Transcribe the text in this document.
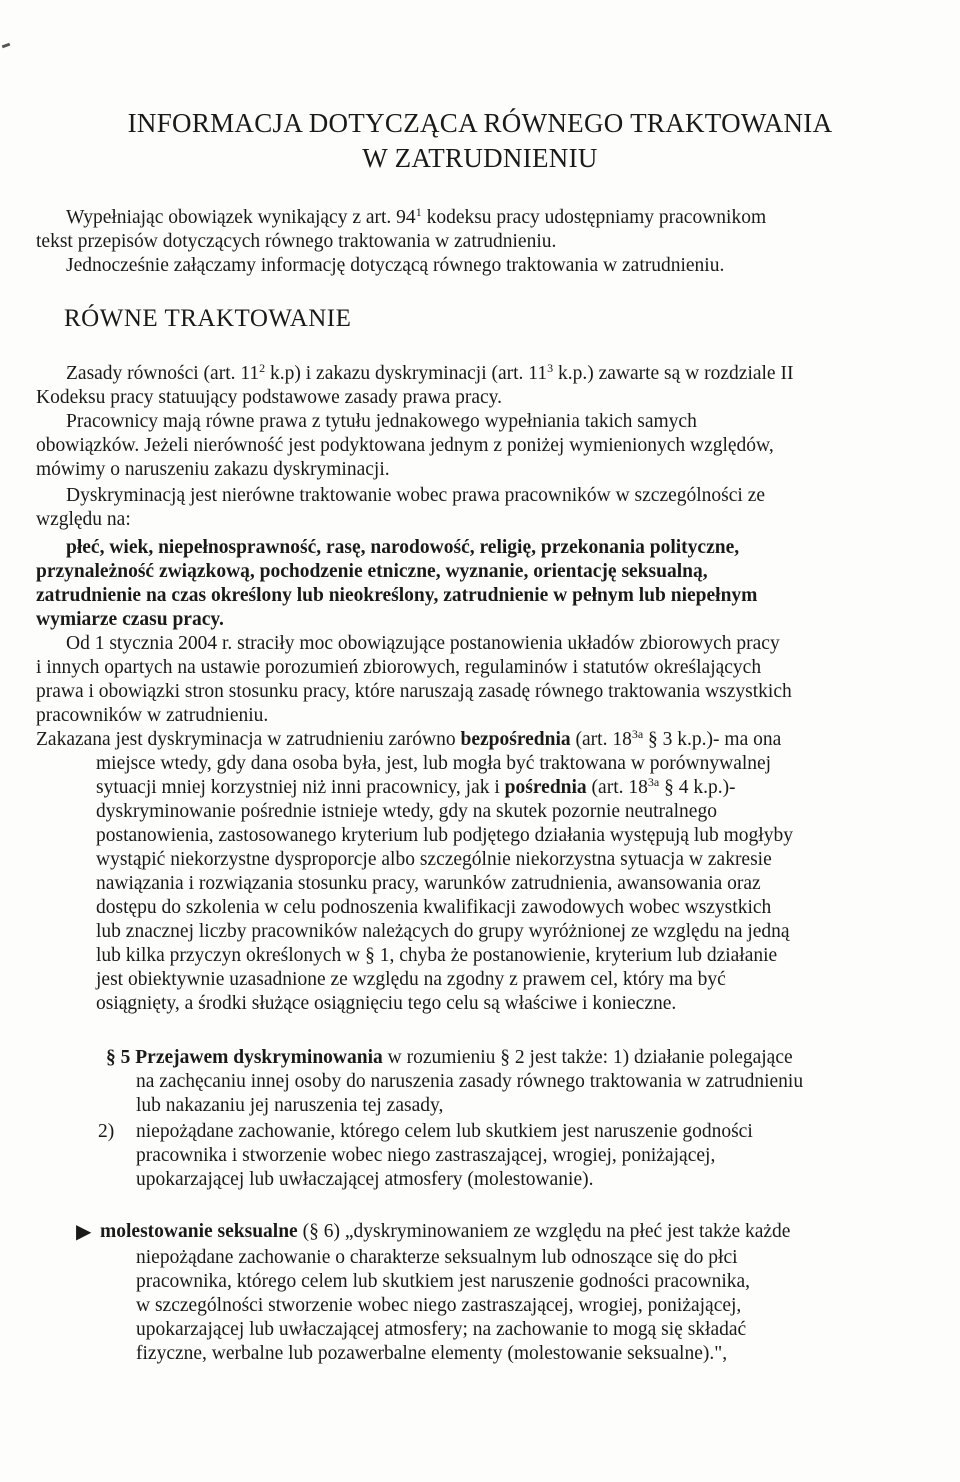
INFORMACJA DOTYCZĄCA RÓWNEGO TRAKTOWANIA
W ZATRUDNIENIU
Wypełniając obowiązek wynikający z art. $94^1$ kodeksu pracy udostępniamy pracownikom
tekst przepisów dotyczących równego traktowania w zatrudnieniu.
Jednocześnie załączamy informację dotyczącą równego traktowania w zatrudnieniu.
RÓWNE TRAKTOWANIE
Zasady równości (art. $11^2$ k.p) i zakazu dyskryminacji (art. $11^3$ k.p.) zawarte są w rozdziale II
Kodeksu pracy statuujący podstawowe zasady prawa pracy.
Pracownicy mają równe prawa z tytułu jednakowego wypełniania takich samych
obowiązków. Jeżeli nierówność jest podyktowana jednym z poniżej wymienionych względów,
mówimy o naruszeniu zakazu dyskryminacji.
Dyskryminacją jest nierówne traktowanie wobec prawa pracowników w szczególności ze
względu na:
płeć, wiek, niepełnosprawność, rasę, narodowość, religię, przekonania polityczne,
przynależność związkową, pochodzenie etniczne, wyznanie, orientację seksualną,
zatrudnienie na czas określony lub nieokreślony, zatrudnienie w pełnym lub niepełnym
wymiarze czasu pracy.
Od 1 stycznia 2004 r. straciły moc obowiązujące postanowienia układów zbiorowych pracy
i innych opartych na ustawie porozumień zbiorowych, regulaminów i statutów określających
prawa i obowiązki stron stosunku pracy, które naruszają zasadę równego traktowania wszystkich
pracowników w zatrudnieniu.
Zakazana jest dyskryminacja w zatrudnieniu zarówno bezpośrednia (art. $18^{3a}$ § 3 k.p.)- ma ona
miejsce wtedy, gdy dana osoba była, jest, lub mogła być traktowana w porównywalnej
sytuacji mniej korzystniej niż inni pracownicy, jak i pośrednia (art. $18^{3a}$ § 4 k.p.)-
dyskryminowanie pośrednie istnieje wtedy, gdy na skutek pozornie neutralnego
postanowienia, zastosowanego kryterium lub podjętego działania występują lub mogłyby
wystąpić niekorzystne dysproporcje albo szczególnie niekorzystna sytuacja w zakresie
nawiązania i rozwiązania stosunku pracy, warunków zatrudnienia, awansowania oraz
dostępu do szkolenia w celu podnoszenia kwalifikacji zawodowych wobec wszystkich
lub znacznej liczby pracowników należących do grupy wyróżnionej ze względu na jedną
lub kilka przyczyn określonych w § 1, chyba że postanowienie, kryterium lub działanie
jest obiektywnie uzasadnione ze względu na zgodny z prawem cel, który ma być
osiągnięty, a środki służące osiągnięciu tego celu są właściwe i konieczne.
§ 5 Przejawem dyskryminowania w rozumieniu § 2 jest także: 1) działanie polegające
na zachęcaniu innej osoby do naruszenia zasady równego traktowania w zatrudnieniu
lub nakazaniu jej naruszenia tej zasady,
2) niepożądane zachowanie, którego celem lub skutkiem jest naruszenie godności
pracownika i stworzenie wobec niego zastraszającej, wrogiej, poniżającej,
upokarzającej lub uwłaczającej atmosfery (molestowanie).
▶ molestowanie seksualne (§ 6) „dyskryminowaniem ze względu na płeć jest także każde
niepożądane zachowanie o charakterze seksualnym lub odnoszące się do płci
pracownika, którego celem lub skutkiem jest naruszenie godności pracownika,
w szczególności stworzenie wobec niego zastraszającej, wrogiej, poniżającej,
upokarzającej lub uwłaczającej atmosfery; na zachowanie to mogą się składać
fizyczne, werbalne lub pozawerbalne elementy (molestowanie seksualne).",
